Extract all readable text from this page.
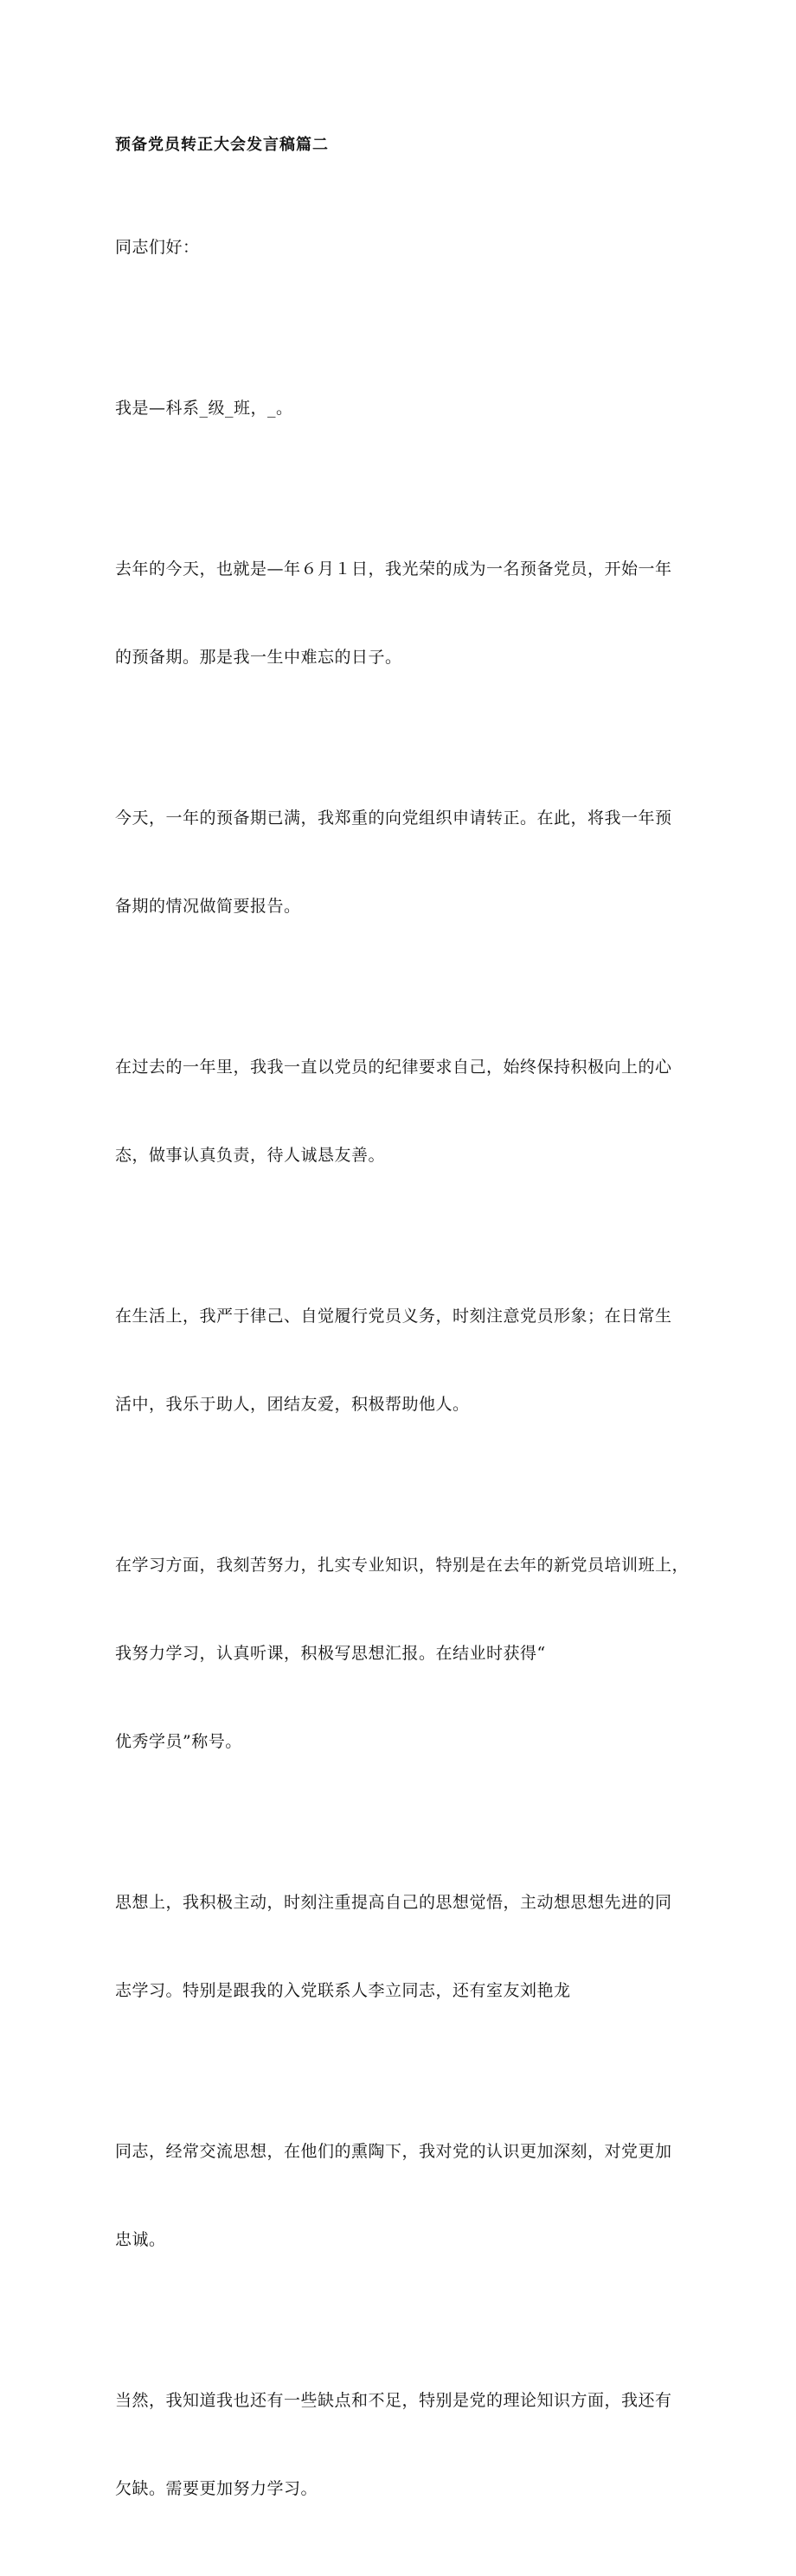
预备党员转正大会发言稿篇二

同志们好：

我是—科系_级_班，_。

去年的今天，也就是—年６月１日，我光荣的成为一名预备党员，开始一年

的预备期。那是我一生中难忘的日子。

今天，一年的预备期已满，我郑重的向党组织申请转正。在此，将我一年预

备期的情况做简要报告。

在过去的一年里，我我一直以党员的纪律要求自己，始终保持积极向上的心

态，做事认真负责，待人诚恳友善。

在生活上，我严于律己、自觉履行党员义务，时刻注意党员形象；在日常生

活中，我乐于助人，团结友爱，积极帮助他人。

在学习方面，我刻苦努力，扎实专业知识，特别是在去年的新党员培训班上，

我努力学习，认真听课，积极写思想汇报。在结业时获得“

优秀学员”称号。

思想上，我积极主动，时刻注重提高自己的思想觉悟，主动想思想先进的同

志学习。特别是跟我的入党联系人李立同志，还有室友刘艳龙

同志，经常交流思想，在他们的熏陶下，我对党的认识更加深刻，对党更加

忠诚。

当然，我知道我也还有一些缺点和不足，特别是党的理论知识方面，我还有

欠缺。需要更加努力学习。
